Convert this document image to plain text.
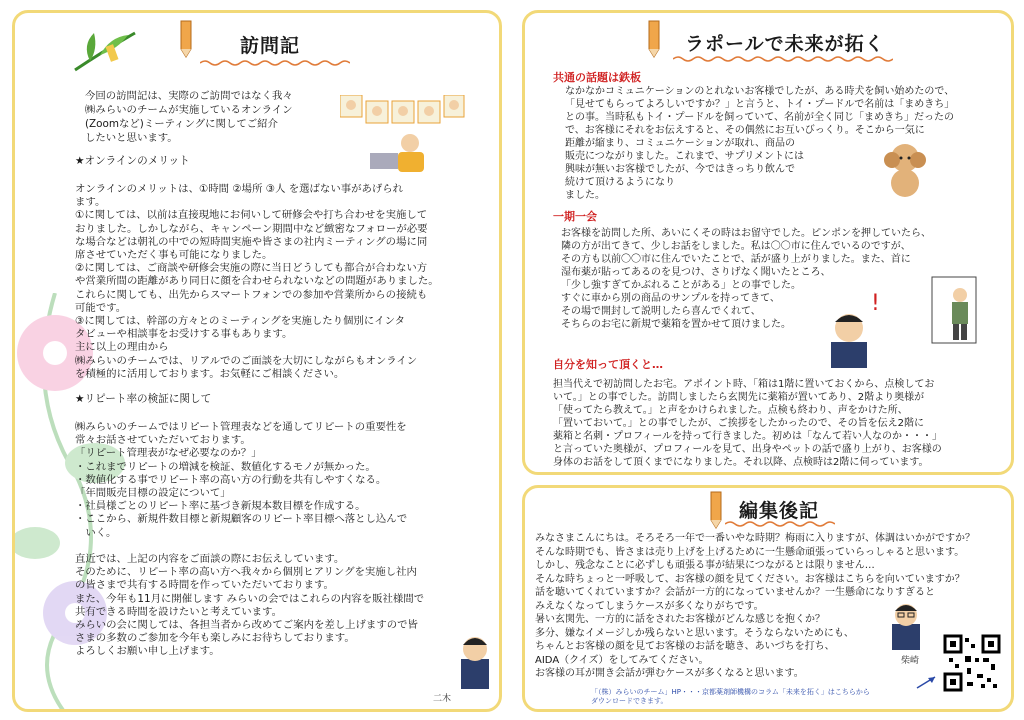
訪問記
今回の訪問記は、実際のご訪問ではなく我々
㈱みらいのチームが実施しているオンライン
(Zoomなど)ミーティングに関してご紹介
したいと思います。
★オンラインのメリット
オンラインのメリットは、①時間 ②場所 ③人 を選ばない事があげられ
ます。
①に関しては、以前は直接現地にお伺いして研修会や打ち合わせを実施して
おりました。しかしながら、キャンペーン期間中など緻密なフォローが必要
な場合などは朝礼の中での短時間実施や皆さまの社内ミーティングの場に同
席させていただく事も可能になりました。
②に関しては、ご商談や研修会実施の際に当日どうしても都合が合わない方
や営業所間の距離があり同日に顔を合わせられないなどの問題がありました。
これらに関しても、出先からスマートフォンでの参加や営業所からの接続も
可能です。
③に関しては、幹部の方々とのミーティングを実施したり個別にインタ
タビューや相談事をお受けする事もあります。
主に以上の理由から
㈱みらいのチームでは、リアルでのご面談を大切にしながらもオンライン
を積極的に活用しております。お気軽にご相談ください。
★リピート率の検証に関して
㈱みらいのチームではリピート管理表などを通してリピートの重要性を
常々お話させていただいております。
「リピート管理表がなぜ必要なのか？」
・これまでリピートの増減を検証、数値化するモノが無かった。
・数値化する事でリピート率の高い方の行動を共有しやすくなる。
「年間販売目標の設定について」
・社員様ごとのリピート率に基づき新規本数目標を作成する。
・ここから、新規件数目標と新規顧客のリピート率目標へ落とし込んで
　いく。
直近では、上記の内容をご面談の際にお伝えしています。
そのために、リピート率の高い方へ我々から個別ヒアリングを実施し社内
の皆さまで共有する時間を作っていただいております。
また、今年も11月に開催します みらいの会ではこれらの内容を販社様間で
共有できる時間を設けたいと考えています。
みらいの会に関しては、各担当者から改めてご案内を差し上げますので皆
さまの多数のご参加を今年も楽しみにお待ちしております。
よろしくお願い申し上げます。
二木
ラポールで未来が拓く
共通の話題は鉄板
なかなかコミュニケーションのとれないお客様でしたが、ある時犬を飼い始めたので、
「見せてもらってよろしいですか？」と言うと、トイ・プードルで名前は「まめきち」
との事。当時私もトイ・プードルを飼っていて、名前が全く同じ「まめきち」だったの
で、お客様にそれをお伝えすると、その偶然にお互いびっくり。そこから一気に
距離が縮まり、コミュニケーションが取れ、商品の
販売につながりました。これまで、サプリメントには
興味が無いお客様でしたが、今ではきっちり飲んで
続けて頂けるようになり
ました。
一期一会
お客様を訪問した所、あいにくその時はお留守でした。ピンポンを押していたら、
隣の方が出てきて、少しお話をしました。私は〇〇市に住んでいるのですが、
その方も以前〇〇市に住んでいたことで、話が盛り上がりました。また、首に
湿布薬が貼ってあるのを見つけ、さりげなく聞いたところ、
「少し強すぎてかぶれることがある」との事でした。
すぐに車から別の商品のサンプルを持ってきて、
その場で開封して説明したら喜んでくれて、
そちらのお宅に新規で薬箱を置かせて頂けました。
!
自分を知って頂くと…
担当代えで初訪問したお宅。アポイント時、「箱は1階に置いておくから、点検してお
いて。」との事でした。訪問しましたら玄関先に薬箱が置いてあり、2階より奥様が
「使ってたら教えて。」と声をかけられました。点検も終わり、声をかけた所、
「置いておいて。」との事でしたが、ご挨拶をしたかったので、その旨を伝え2階に
薬箱と名刺・プロフィールを持って行きました。初めは「なんて若い人なのか・・・」
と言っていた奥様が、プロフィールを見て、出身やペットの話で盛り上がり、お客様の
身体のお話をして頂くまでになりました。それ以降、点検時は2階に伺っています。
編集後記
みなさまこんにちは。そろそろ一年で一番いやな時期？梅雨に入りますが、体調はいかがですか？
そんな時期でも、皆さまは売り上げを上げるために一生懸命頑張っていらっしゃると思います。
しかし、残念なことに必ずしも頑張る事が結果につながるとは限りません…
そんな時ちょっと一呼吸して、お客様の顔を見てください。お客様はこちらを向いていますか？
話を聴いてくれていますか？会話が一方的になっていませんか？一生懸命になりすぎると
みえなくなってしまうケースが多くなりがちです。
暑い玄関先、一方的に話をされたお客様がどんな感じを抱くか？
多分、嫌なイメージしか残らないと思います。そうならないためにも、
ちゃんとお客様の顔を見てお客様のお話を聴き、あいづちを打ち、
AIDA（クイズ）をしてみてください。
お客様の耳が開き会話が弾むケースが多くなると思います。
柴崎
「（株）みらいのチーム」HP・・・京都薬剤師機構のコラム「未来を拓く」はこちらから
ダウンロードできます。
